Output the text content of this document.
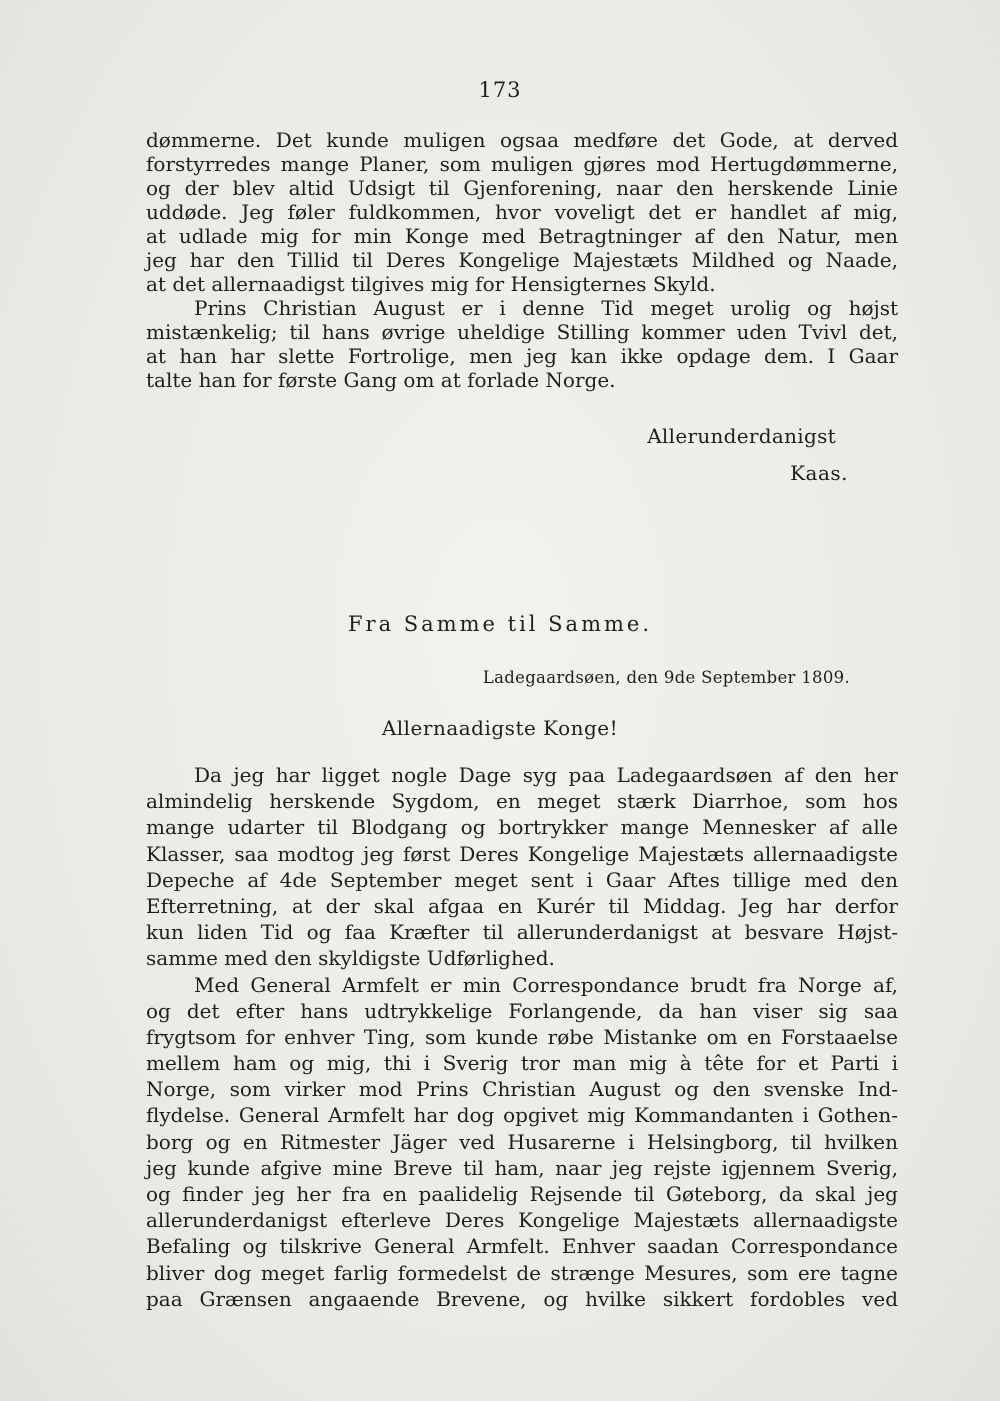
173
dømmerne. Det kunde muligen ogsaa medføre det Gode, at derved
forstyrredes mange Planer, som muligen gjøres mod Hertugdømmerne,
og der blev altid Udsigt til Gjenforening, naar den herskende Linie
uddøde. Jeg føler fuldkommen, hvor voveligt det er handlet af mig,
at udlade mig for min Konge med Betragtninger af den Natur, men
jeg har den Tillid til Deres Kongelige Majestæts Mildhed og Naade,
at det allernaadigst tilgives mig for Hensigternes Skyld.
Prins Christian August er i denne Tid meget urolig og højst
mistænkelig; til hans øvrige uheldige Stilling kommer uden Tvivl det,
at han har slette Fortrolige, men jeg kan ikke opdage dem. I Gaar
talte han for første Gang om at forlade Norge.
Allerunderdanigst
Kaas.
Fra Samme til Samme.
Ladegaardsøen, den 9de September 1809.
Allernaadigste Konge!
Da jeg har ligget nogle Dage syg paa Ladegaardsøen af den her
almindelig herskende Sygdom, en meget stærk Diarrhoe, som hos
mange udarter til Blodgang og bortrykker mange Mennesker af alle
Klasser, saa modtog jeg først Deres Kongelige Majestæts allernaadigste
Depeche af 4de September meget sent i Gaar Aftes tillige med den
Efterretning, at der skal afgaa en Kurér til Middag. Jeg har derfor
kun liden Tid og faa Kræfter til allerunderdanigst at besvare Højst-
samme med den skyldigste Udførlighed.
Med General Armfelt er min Correspondance brudt fra Norge af,
og det efter hans udtrykkelige Forlangende, da han viser sig saa
frygtsom for enhver Ting, som kunde røbe Mistanke om en Forstaaelse
mellem ham og mig, thi i Sverig tror man mig à tête for et Parti i
Norge, som virker mod Prins Christian August og den svenske Ind-
flydelse. General Armfelt har dog opgivet mig Kommandanten i Gothen-
borg og en Ritmester Jäger ved Husarerne i Helsingborg, til hvilken
jeg kunde afgive mine Breve til ham, naar jeg rejste igjennem Sverig,
og finder jeg her fra en paalidelig Rejsende til Gøteborg, da skal jeg
allerunderdanigst efterleve Deres Kongelige Majestæts allernaadigste
Befaling og tilskrive General Armfelt. Enhver saadan Correspondance
bliver dog meget farlig formedelst de strænge Mesures, som ere tagne
paa Grænsen angaaende Brevene, og hvilke sikkert fordobles ved
